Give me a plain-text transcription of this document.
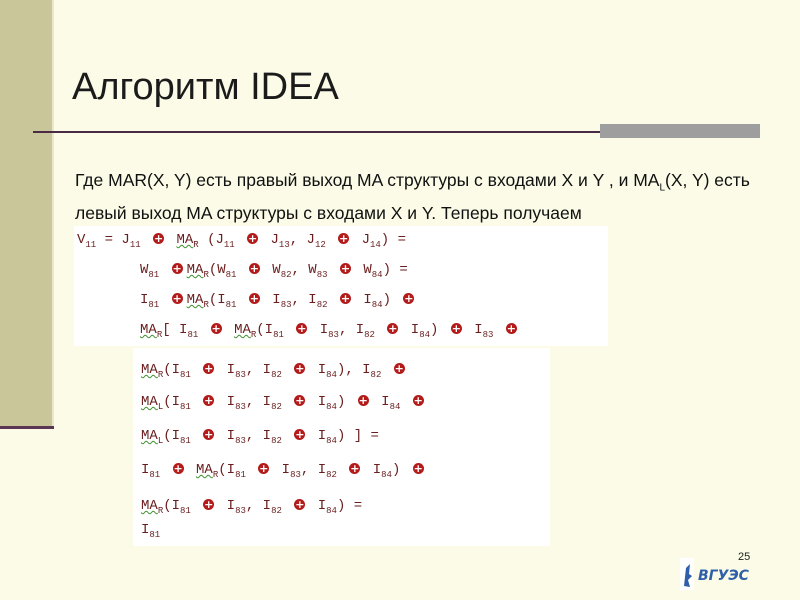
Алгоритм IDEA
Где MAR(X, Y) есть правый выход MA структуры с входами X и Y , и $MA_L(X$, Y) есть левый выход MA структуры с входами X и Y. Теперь получаем
$V_{11} = J_{11} + MA_R$ ($J_{11} + J_{13}$, $J_{12} + J_{14}$) =
$W_{81} + MA_R(W_{81} + W_{82}$, $W_{83} + W_{84}$) =
$I_{81} + MA_R(I_{81} + I_{83}$, $I_{82} + I_{84}$) +
$MA_R$[ $I_{81} + MA_R(I_{81} + I_{83}$, $I_{82} + I_{84}) + I_{83}$ +
$MA_R(I_{81} + I_{83}$, $I_{82} + I_{84}$), $I_{82}$ +
$MA_L(I_{81} + I_{83}$, $I_{82} + I_{84}) + I_{84}$ +
$MA_L(I_{81} + I_{83}$, $I_{82} + I_{84}$) ] =
$I_{81} + MA_R(I_{81} + I_{83}$, $I_{82} + I_{84}$) +
$MA_R(I_{81} + I_{83}$, $I_{82} + I_{84}$) =
$I_{81}$
25
ВГУЭС
